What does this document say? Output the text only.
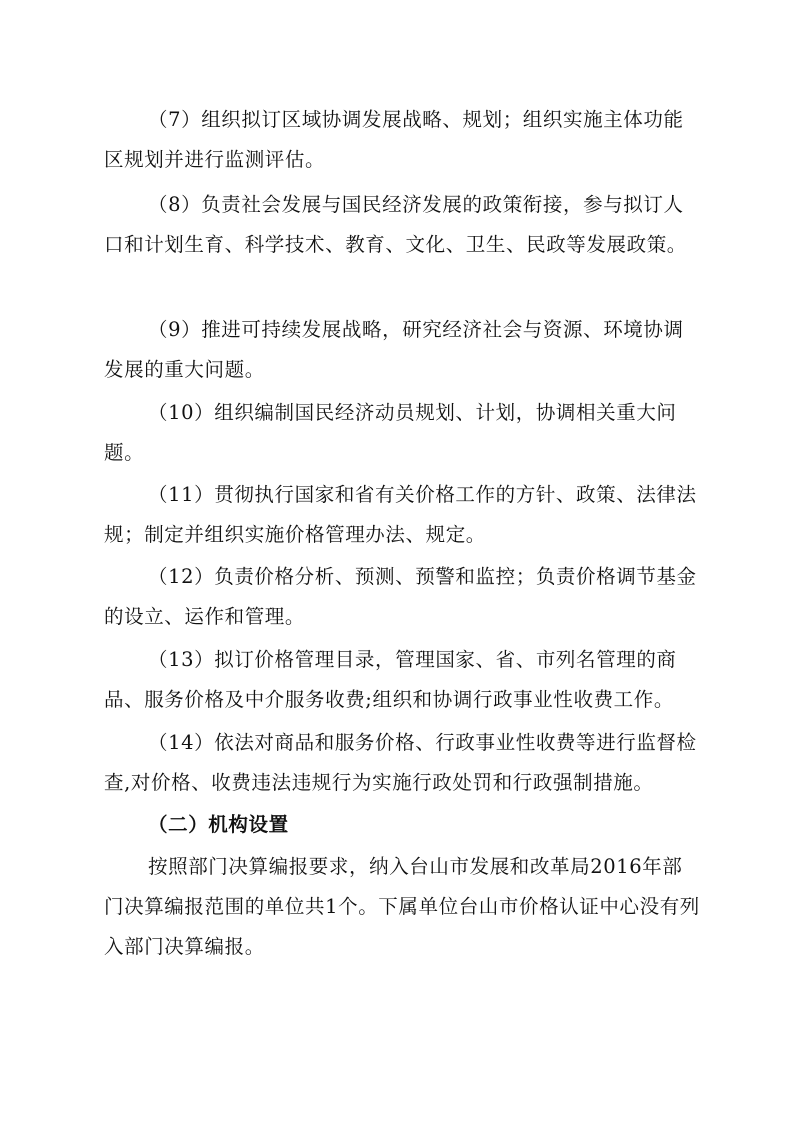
（7）组织拟订区域协调发展战略、规划；组织实施主体功能区规划并进行监测评估。

（8）负责社会发展与国民经济发展的政策衔接，参与拟订人口和计划生育、科学技术、教育、文化、卫生、民政等发展政策。

（9）推进可持续发展战略，研究经济社会与资源、环境协调发展的重大问题。

（10）组织编制国民经济动员规划、计划，协调相关重大问题。

（11）贯彻执行国家和省有关价格工作的方针、政策、法律法规；制定并组织实施价格管理办法、规定。

（12）负责价格分析、预测、预警和监控；负责价格调节基金的设立、运作和管理。

（13）拟订价格管理目录，管理国家、省、市列名管理的商品、服务价格及中介服务收费;组织和协调行政事业性收费工作。

（14）依法对商品和服务价格、行政事业性收费等进行监督检查,对价格、收费违法违规行为实施行政处罚和行政强制措施。

（二）机构设置

按照部门决算编报要求，纳入台山市发展和改革局2016年部门决算编报范围的单位共1个。下属单位台山市价格认证中心没有列入部门决算编报。
